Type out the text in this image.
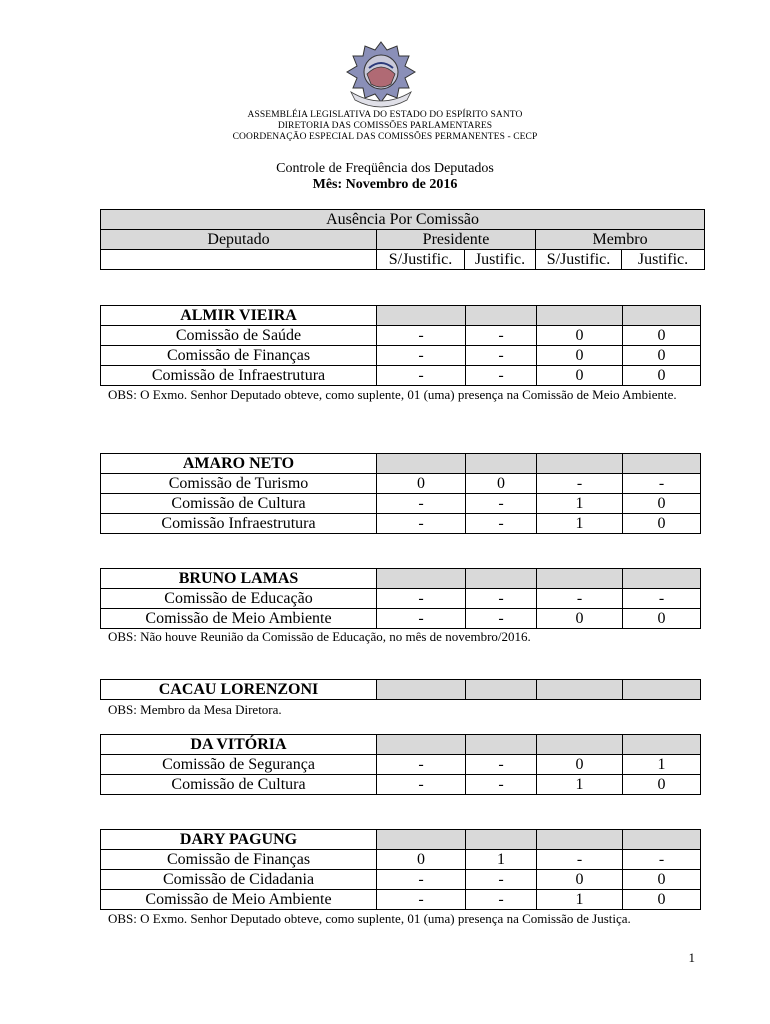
ASSEMBLÉIA LEGISLATIVA DO ESTADO DO ESPÍRITO SANTO
DIRETORIA DAS COMISSÕES PARLAMENTARES
COORDENAÇÃO ESPECIAL DAS COMISSÕES PERMANENTES - CECP
Controle de Freqüência dos Deputados
Mês: Novembro de 2016
Ausência Por Comissão				
Deputado	Presidente		Membro	
	S/Justific.	Justific.	S/Justific.	Justific.
ALMIR VIEIRA				
Comissão de Saúde	-	-	0	0
Comissão de Finanças	-	-	0	0
Comissão de Infraestrutura	-	-	0	0
OBS: O Exmo. Senhor Deputado obteve, como suplente, 01 (uma) presença na Comissão de Meio Ambiente.
AMARO NETO				
Comissão de Turismo	0	0	-	-
Comissão de Cultura	-	-	1	0
Comissão Infraestrutura	-	-	1	0
BRUNO LAMAS				
Comissão de Educação	-	-	-	-
Comissão de Meio Ambiente	-	-	0	0
OBS: Não houve Reunião da Comissão de Educação, no mês de novembro/2016.
CACAU LORENZONI				
OBS: Membro da Mesa Diretora.
DA VITÓRIA				
Comissão de Segurança	-	-	0	1
Comissão de Cultura	-	-	1	0
DARY PAGUNG				
Comissão de Finanças	0	1	-	-
Comissão de Cidadania	-	-	0	0
Comissão de Meio Ambiente	-	-	1	0
OBS: O Exmo. Senhor Deputado obteve, como suplente, 01 (uma) presença na Comissão de Justiça.
1
